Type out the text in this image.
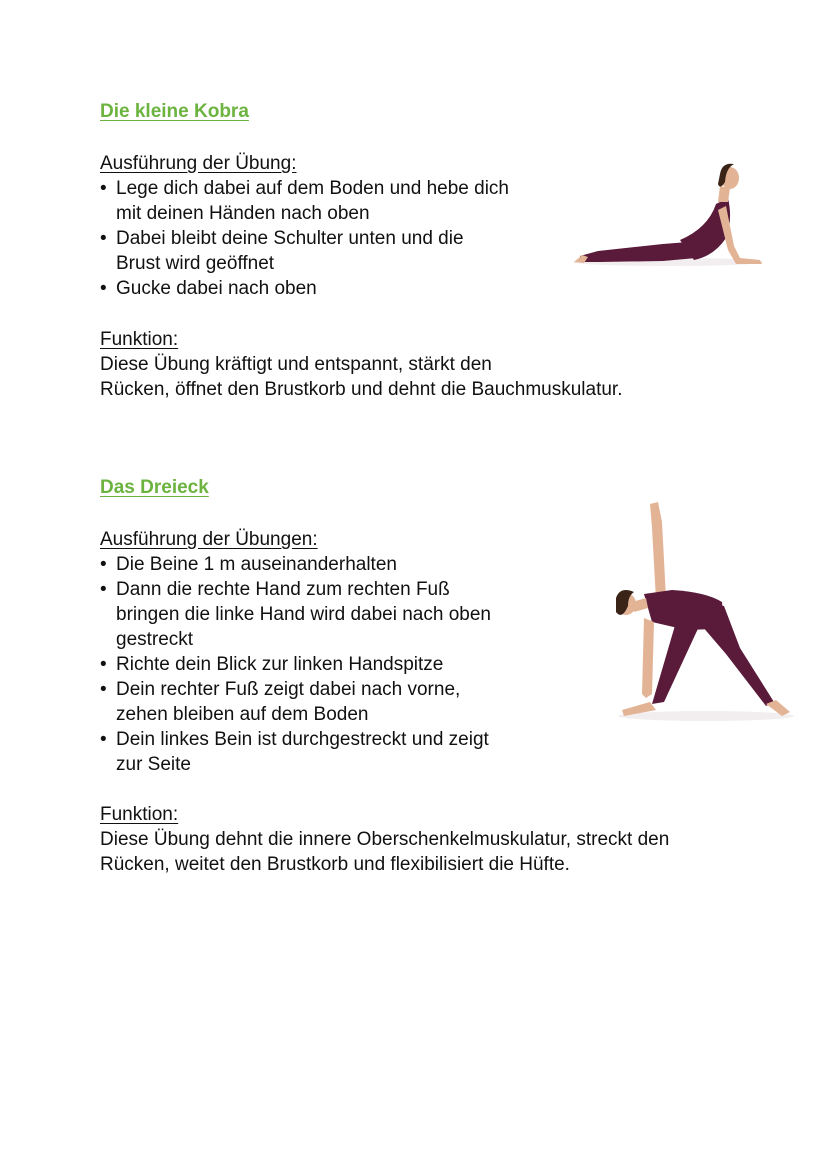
Die kleine Kobra

Ausführung der Übung:

• Lege dich dabei auf dem Boden und hebe dich
mit deinen Händen nach oben
• Dabei bleibt deine Schulter unten und die
Brust wird geöffnet
• Gucke dabei nach oben

Funktion:

Diese Übung kräftigt und entspannt, stärkt den
Rücken, öffnet den Brustkorb und dehnt die Bauchmuskulatur.

Das Dreieck

Ausführung der Übungen:

• Die Beine 1 m auseinanderhalten
• Dann die rechte Hand zum rechten Fuß
bringen die linke Hand wird dabei nach oben
gestreckt
• Richte dein Blick zur linken Handspitze
• Dein rechter Fuß zeigt dabei nach vorne,
zehen bleiben auf dem Boden
• Dein linkes Bein ist durchgestreckt und zeigt
zur Seite

Funktion:

Diese Übung dehnt die innere Oberschenkelmuskulatur, streckt den
Rücken, weitet den Brustkorb und flexibilisiert die Hüfte.
